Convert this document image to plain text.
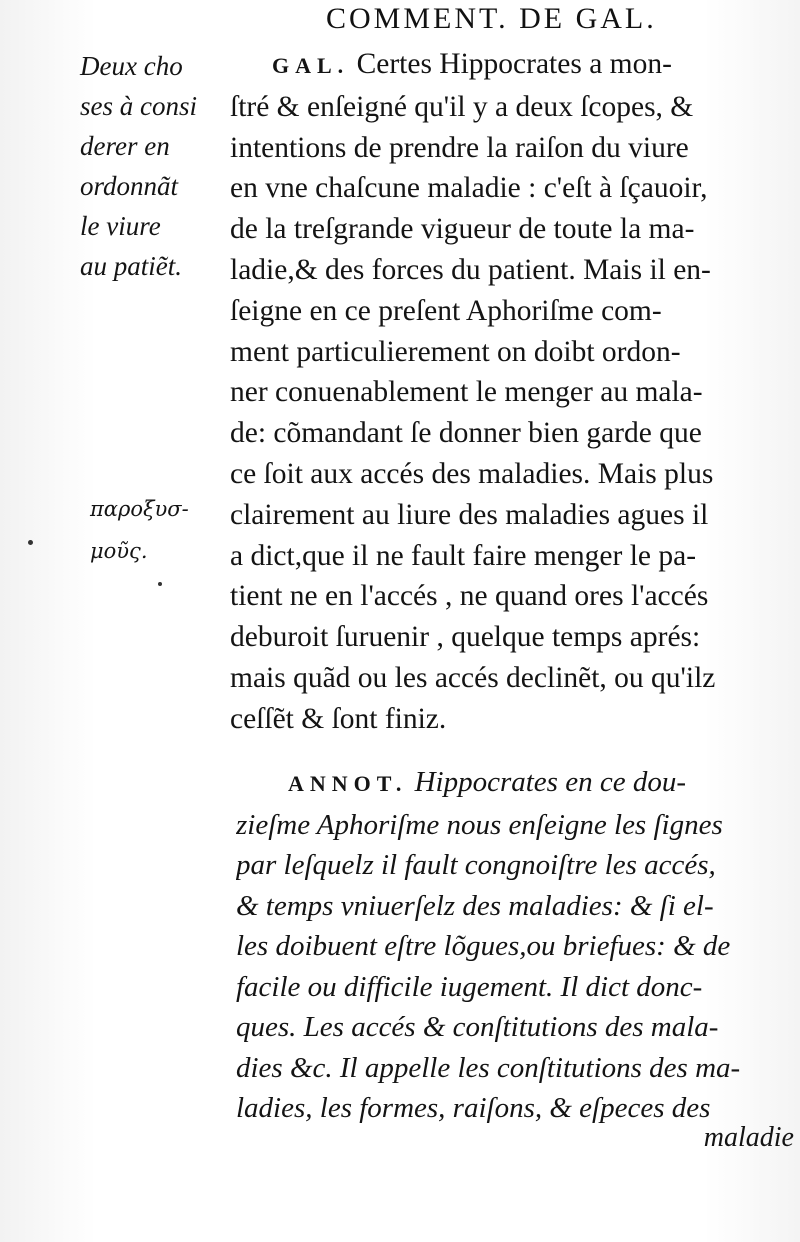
COMMENT. DE GAL.
Deux cho
ses à consi
derer en
ordonnãt
le viure
au patiẽt.
παροξυσ-
μοῦς.
GAL. Certes Hippocrates a mon-
ſtré & enſeigné qu'il y a deux ſcopes, &
intentions de prendre la raiſon du viure
en vne chaſcune maladie : c'eſt à ſçauoir,
de la treſgrande vigueur de toute la ma-
ladie,& des forces du patient. Mais il en-
ſeigne en ce preſent Aphoriſme com-
ment particulierement on doibt ordon-
ner conuenablement le menger au mala-
de: cõmandant ſe donner bien garde que
ce ſoit aux accés des maladies. Mais plus
clairement au liure des maladies agues il
a dict,que il ne fault faire menger le pa-
tient ne en l'accés , ne quand ores l'accés
deburoit ſuruenir , quelque temps aprés:
mais quãd ou les accés declinẽt, ou qu'ilz
ceſſẽt & ſont finiz.
ANNOT. Hippocrates en ce dou-
zieſme Aphoriſme nous enſeigne les ſignes
par leſquelz il fault congnoiſtre les accés,
& temps vniuerſelz des maladies: & ſi el-
les doibuent eſtre lõgues,ou briefues: & de
facile ou difficile iugement. Il dict donc-
ques. Les accés & conſtitutions des mala-
dies &c. Il appelle les conſtitutions des ma-
ladies, les formes, raiſons, & eſpeces des
maladie
